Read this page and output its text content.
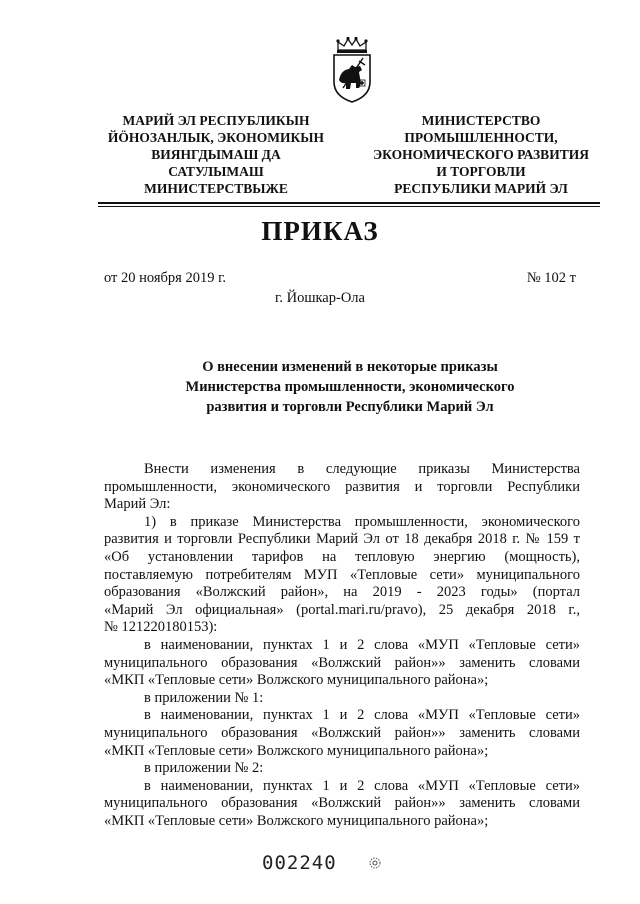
МАРИЙ ЭЛ РЕСПУБЛИКЫН
ЙӦНОЗАНЛЫК, ЭКОНОМИКЫН
ВИЯНГДЫМАШ ДА
САТУЛЫМАШ
МИНИСТЕРСТВЫЖЕ
МИНИСТЕРСТВО
ПРОМЫШЛЕННОСТИ,
ЭКОНОМИЧЕСКОГО РАЗВИТИЯ
И ТОРГОВЛИ
РЕСПУБЛИКИ МАРИЙ ЭЛ
ПРИКАЗ
от 20 ноября 2019 г.	№ 102 т
г. Йошкар-Ола
О внесении изменений в некоторые приказы
Министерства промышленности, экономического
развития и торговли Республики Марий Эл
Внести изменения в следующие приказы Министерства
промышленности, экономического развития и торговли Республики
Марий Эл:
1) в приказе Министерства промышленности, экономического
развития и торговли Республики Марий Эл от 18 декабря 2018 г. № 159 т
«Об установлении тарифов на тепловую энергию (мощность),
поставляемую потребителям МУП «Тепловые сети» муниципального
образования «Волжский район», на 2019 - 2023 годы» (портал
«Марий Эл официальная» (portal.mari.ru/pravo), 25 декабря 2018 г.,
№ 121220180153):
в наименовании, пунктах 1 и 2 слова «МУП «Тепловые сети»
муниципального образования «Волжский район»» заменить словами
«МКП «Тепловые сети» Волжского муниципального района»;
в приложении № 1:
в наименовании, пунктах 1 и 2 слова «МУП «Тепловые сети»
муниципального образования «Волжский район»» заменить словами
«МКП «Тепловые сети» Волжского муниципального района»;
в приложении № 2:
в наименовании, пунктах 1 и 2 слова «МУП «Тепловые сети»
муниципального образования «Волжский район»» заменить словами
«МКП «Тепловые сети» Волжского муниципального района»;
002240
